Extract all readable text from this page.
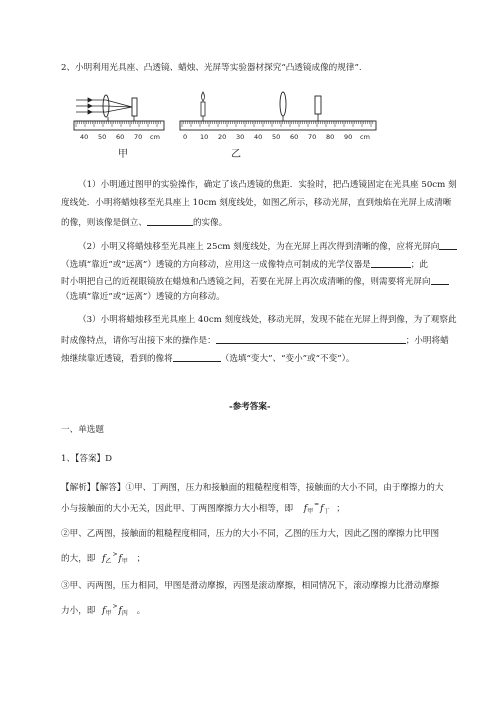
2、小明利用光具座、凸透镜、蜡烛、光屏等实验器材探究“凸透镜成像的规律”.
40 50 60 70 cm
甲
0 10 20 30 40 50 60 70 80 90 cm
乙
（1）小明通过图甲的实验操作，确定了该凸透镜的焦距．实验时，把凸透镜固定在光具座 50cm 刻
度线处．小明将蜡烛移至光具座上 10cm 刻度线处，如图乙所示，移动光屏，直到烛焰在光屏上成清晰
的像，则该像是倒立、	的实像。
（2）小明又将蜡烛移至光具座上 25cm 刻度线处，为在光屏上再次得到清晰的像，应将光屏向
（选填“靠近”或“远离”）透镜的方向移动，应用这一成像特点可制成的光学仪器是	；此
时小明把自己的近视眼镜放在蜡烛和凸透镜之间，若要在光屏上再次成清晰的像，则需要将光屏向
（选填“靠近”或“远离”）透镜的方向移动。
（3）小明将蜡烛移至光具座上 40cm 刻度线处，移动光屏，发现不能在光屏上得到像，为了观察此
时成像特点，请你写出接下来的操作是：	；小明将蜡
烛继续靠近透镜，看到的像将	（选填“变大”、“变小”或“不变”）。
-参考答案-
一、单选题
1、【答案】D
【解析】【解答】①甲、丁两图，压力和接触面的粗糙程度相等，接触面的大小不同，由于摩擦力的大
小与接触面的大小无关，因此甲、丁两图摩擦力大小相等，即 $f_甲^=f_丁$ ；
②甲、乙两图，接触面的粗糙程度相同，压力的大小不同，乙图的压力大，因此乙图的摩擦力比甲图
的大，即 $f_乙^>f_甲$ ；
③甲、丙两图，压力相同，甲图是滑动摩擦，丙图是滚动摩擦，相同情况下，滚动摩擦力比滑动摩擦
力小，即 $f_甲^>f_丙$ 。
